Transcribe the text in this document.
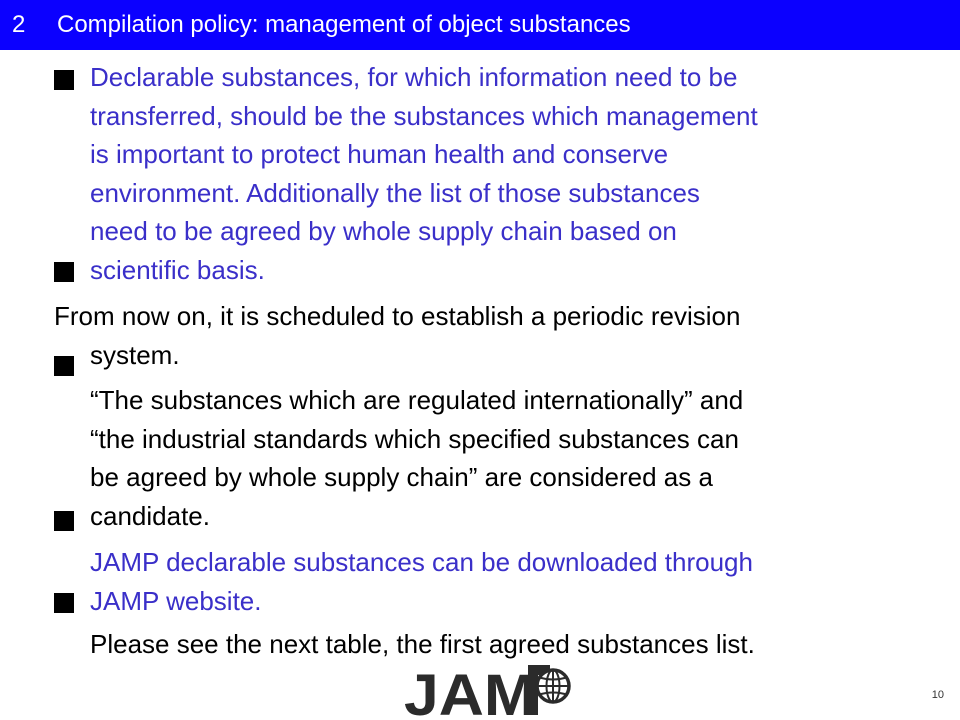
2 Compilation policy: management of object substances
Declarable substances, for which information need to be
transferred, should be the substances which management
is important to protect human health and conserve
environment. Additionally the list of those substances
need to be agreed by whole supply chain based on
scientific basis.
From now on, it is scheduled to establish a periodic revision
system.
“The substances which are regulated internationally” and
“the industrial standards which specified substances can
be agreed by whole supply chain” are considered as a
candidate.
JAMP declarable substances can be downloaded through
JAMP website.
Please see the next table, the first agreed substances list.
JAM	10
